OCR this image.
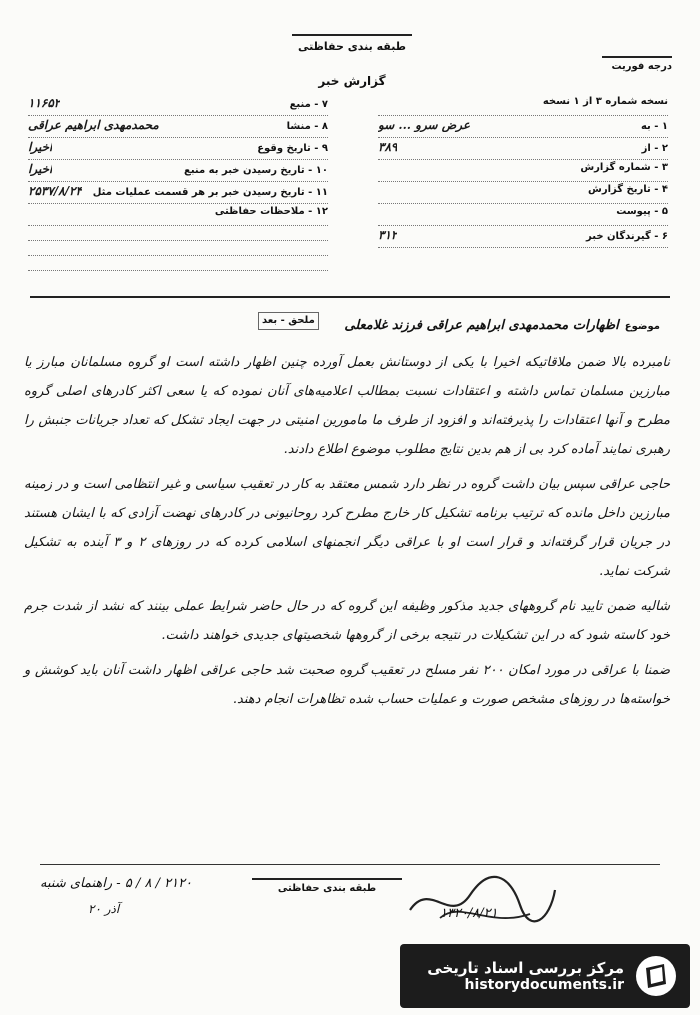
طبقه بندی حفاظتی
گزارش خبر
درجه فوریت
نسخه شماره ۳ از ۱ نسخه
۱ - به
عرض سرو ... سو
۲ - از
۳۸۹
۳ - شماره گزارش
۴ - تاریخ گزارش
۵ - پیوست
۶ - گیرندگان خبر
۳۱۲
۷ - منبع
۱۱۶۵۲
۸ - منشا
محمدمهدی ابراهیم عراقی
۹ - تاریخ وقوع
اخیرا
۱۰ - تاریخ رسیدن خبر به منبع
اخیرا
۱۱ - تاریخ رسیدن خبر بر هر قسمت عملیات مثل
۲۵۳۷/۸/۲۴
۱۲ - ملاحظات حفاظتی
ملحق - بعد
موضوع
اظهارات محمدمهدی ابراهیم عراقی فرزند غلامعلی

نامبرده بالا ضمن ملاقاتیکه اخیرا با یکی از دوستانش بعمل آورده چنین اظهار داشته است او گروه مسلمانان مبارز یا مبارزین مسلمان تماس داشته و اعتقادات نسبت بمطالب اعلامیه‌های آنان نموده که یا سعی اکثر کادرهای اصلی گروه مطرح و آنها اعتقادات را پذیرفته‌اند و افزود از طرف ما مامورین امنیتی در جهت ایجاد تشکل که تعداد جریانات جنبش را رهبری نمایند آماده کرد بی از هم بدین نتایج مطلوب موضوع اطلاع دادند.

حاجی عراقی سپس بیان داشت گروه در نظر دارد شمس معتقد به کار در تعقیب سیاسی و غیر انتظامی است و در زمینه مبارزین داخل مانده که ترتیب برنامه تشکیل کار خارج مطرح کرد روحانیونی در کادرهای نهضت آزادی که با ایشان هستند در جریان قرار گرفته‌اند و قرار است او با عراقی دیگر انجمنهای اسلامی کرده که در روزهای ۲ و ۳ آینده به تشکیل شرکت نماید.

شالیه ضمن تایید نام گروههای جدید مذکور وظیفه این گروه که در حال حاضر شرایط عملی بینند که نشد از شدت جرم خود کاسته شود که در این تشکیلات در نتیجه برخی از گروهها شخصیتهای جدیدی خواهند داشت.

ضمنا با عراقی در مورد امکان ۲۰۰ نفر مسلح در تعقیب گروه صحبت شد حاجی عراقی اظهار داشت آنان باید کوشش و خواسته‌ها در روزهای مشخص صورت و عملیات حساب شده تظاهرات انجام دهند.

طبقه بندی حفاظتی
۲۱۲۰ / ۸ / ۵ - راهنمای شنبه
آذر ۲۰	۱۳۲۰/۸/۲۱
مرکز بررسی اسناد تاریخی
historydocuments.ir
